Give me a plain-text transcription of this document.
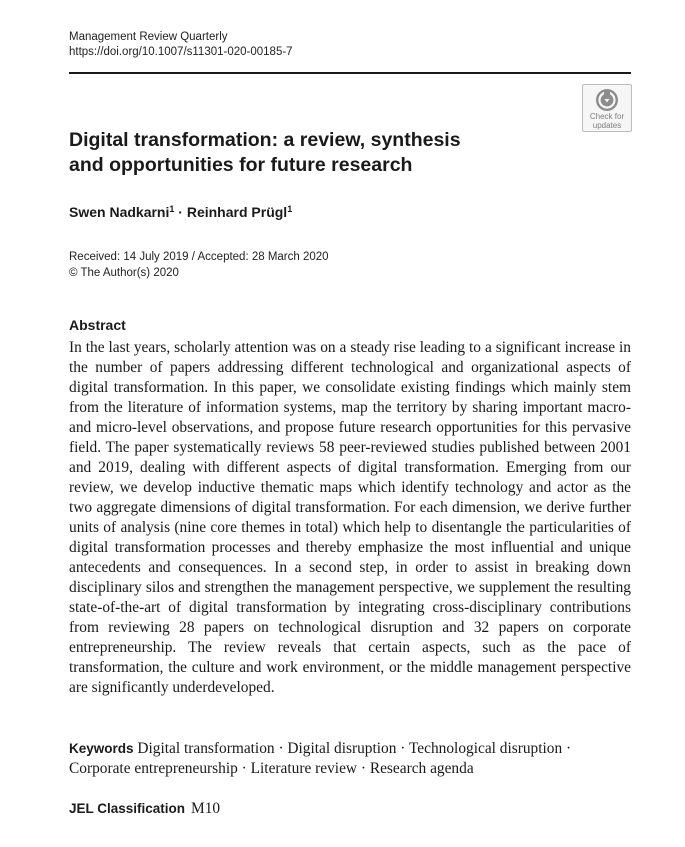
Management Review Quarterly
https://doi.org/10.1007/s11301-020-00185-7
Check for
updates
Digital transformation: a review, synthesis
and opportunities for future research
Swen Nadkarni$^1$ · Reinhard Prügl$^1$
Received: 14 July 2019 / Accepted: 28 March 2020
© The Author(s) 2020
Abstract
In the last years, scholarly attention was on a steady rise leading to a significant increase in the number of papers addressing different technological and organizational aspects of digital transformation. In this paper, we consolidate existing findings which mainly stem from the literature of information systems, map the territory by sharing important macro- and micro-level observations, and propose future research opportunities for this pervasive field. The paper systematically reviews 58 peer-reviewed studies published between 2001 and 2019, dealing with different aspects of digital transformation. Emerging from our review, we develop inductive thematic maps which identify technology and actor as the two aggregate dimensions of digital transformation. For each dimension, we derive further units of analysis (nine core themes in total) which help to disentangle the particularities of digital transformation processes and thereby emphasize the most influential and unique antecedents and consequences. In a second step, in order to assist in breaking down disciplinary silos and strengthen the management perspective, we supplement the resulting state-of-the-art of digital transformation by integrating cross-disciplinary contributions from reviewing 28 papers on technological disruption and 32 papers on corporate entrepreneurship. The review reveals that certain aspects, such as the pace of transformation, the culture and work environment, or the middle management perspective are significantly underdeveloped.
Keywords Digital transformation · Digital disruption · Technological disruption · Corporate entrepreneurship · Literature review · Research agenda
JEL Classification M10
